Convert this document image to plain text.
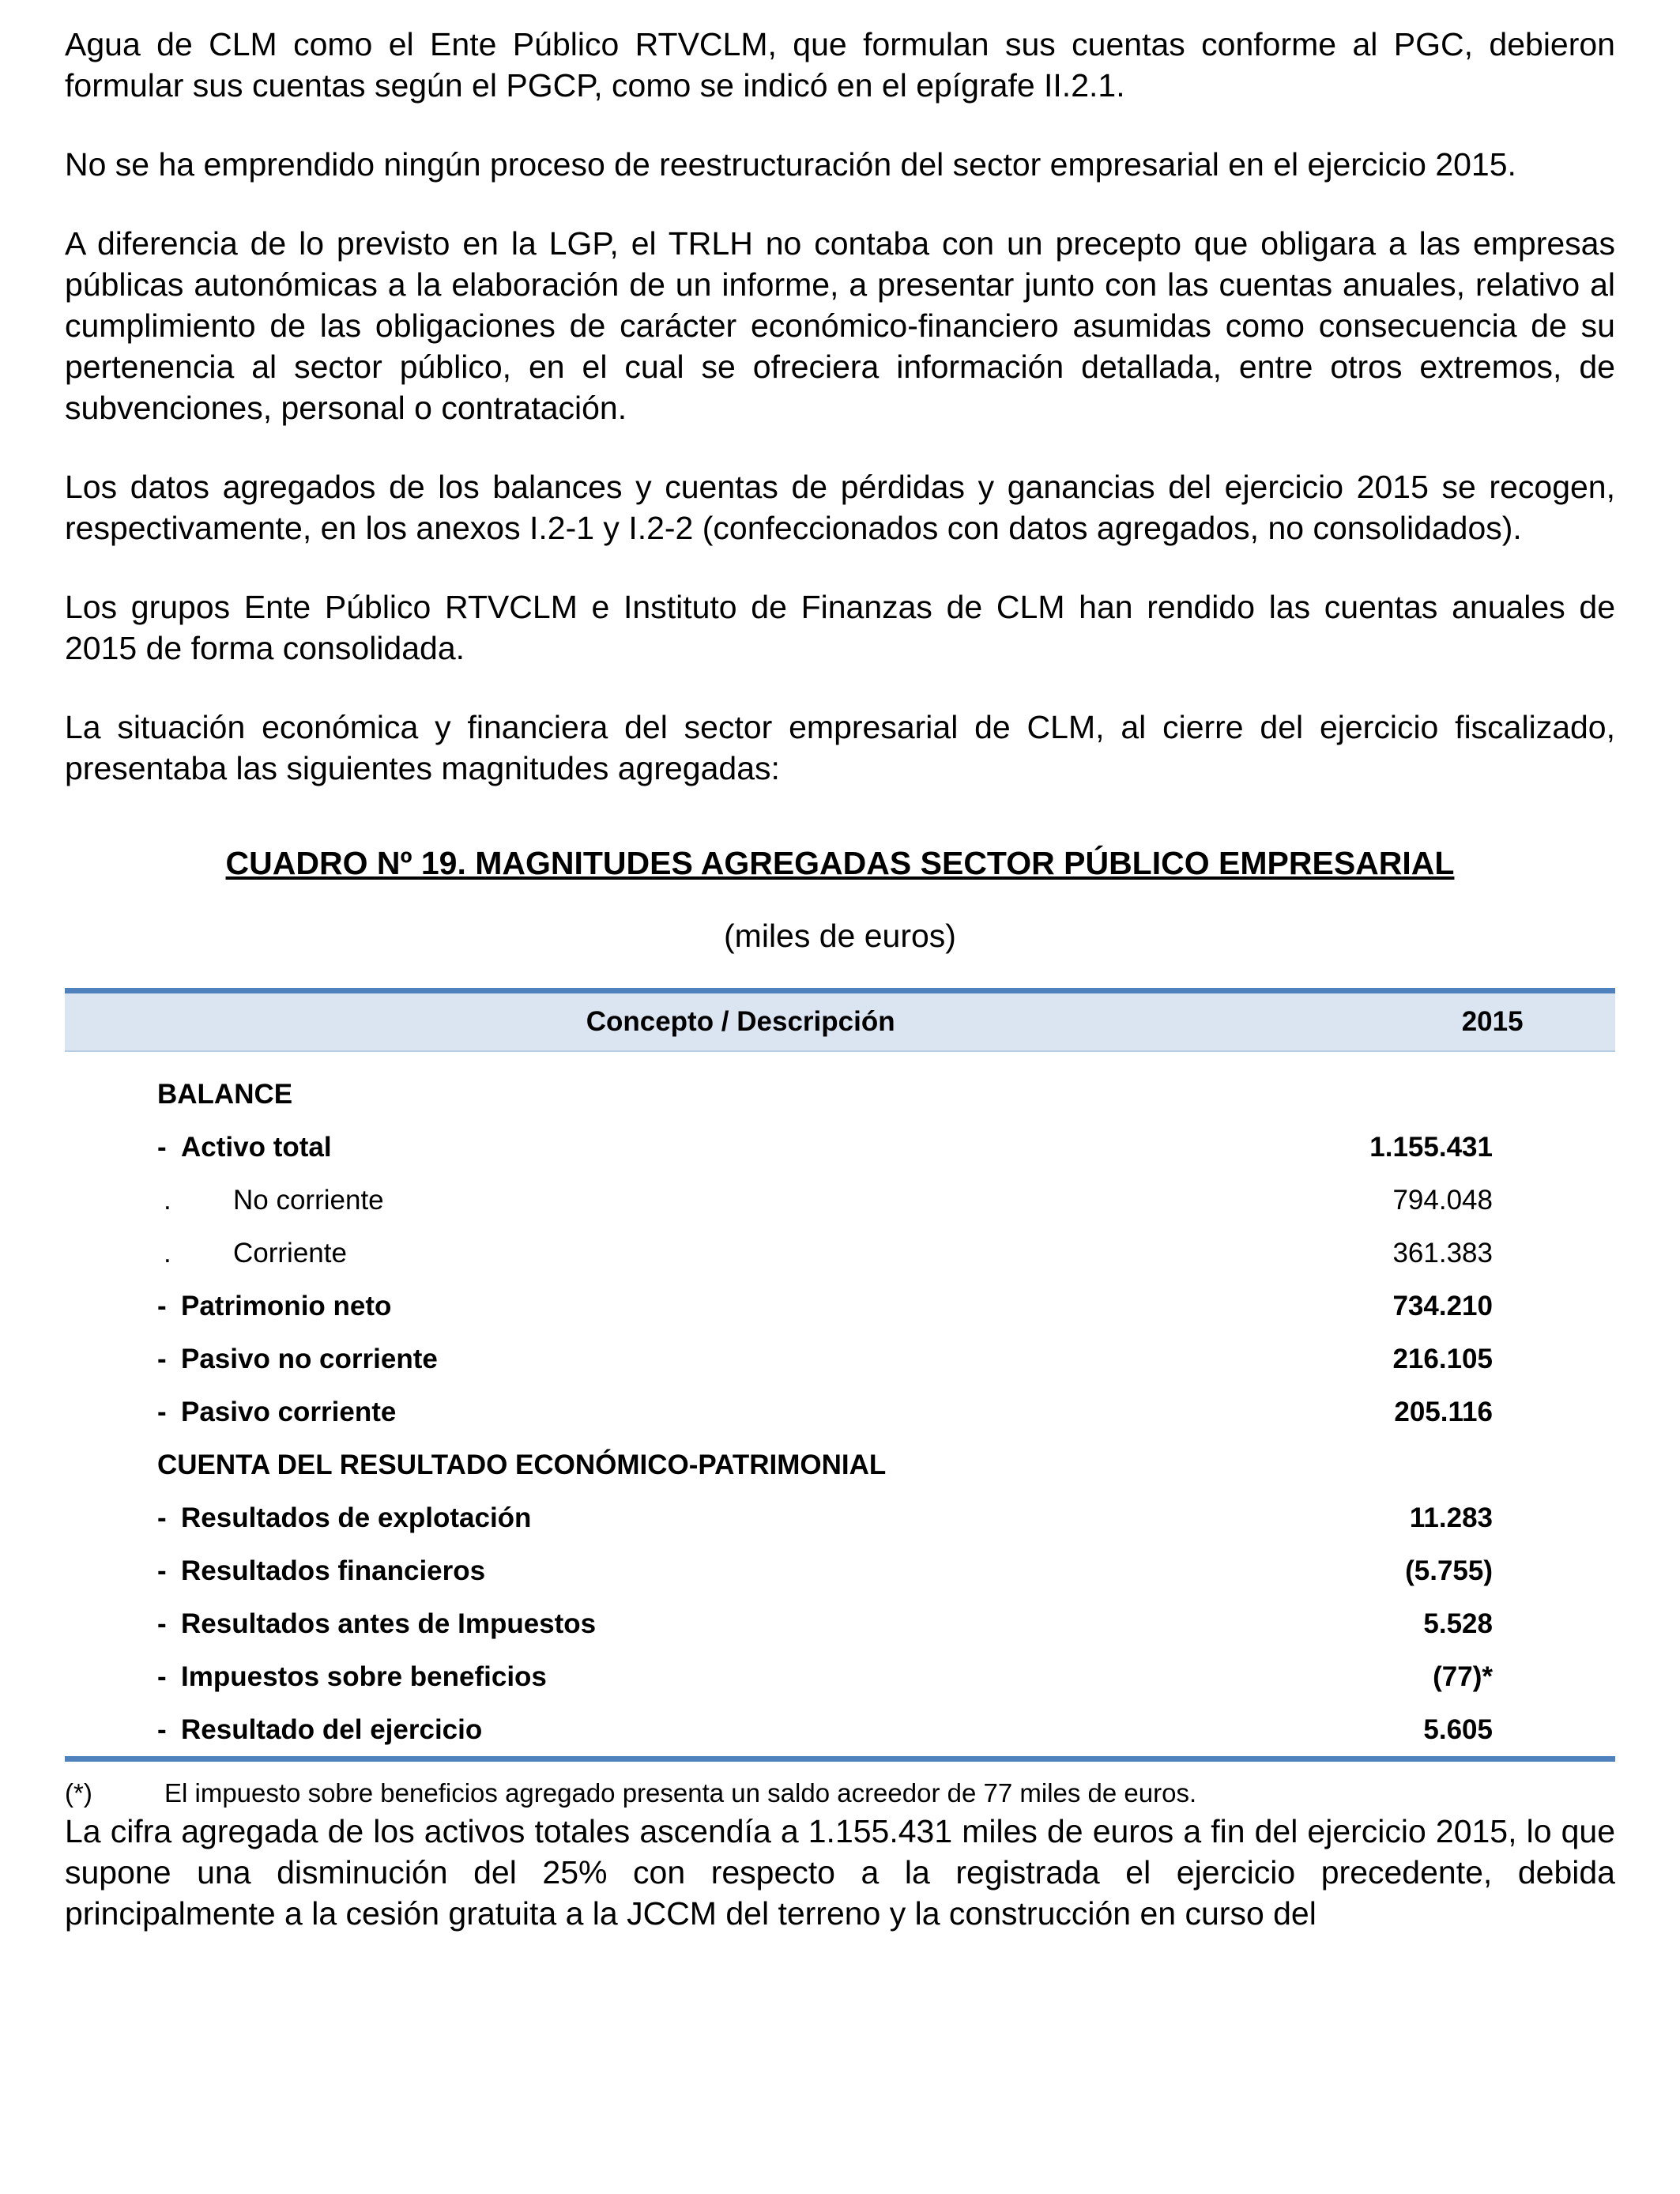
Agua de CLM como el Ente Público RTVCLM, que formulan sus cuentas conforme al PGC, debieron formular sus cuentas según el PGCP, como se indicó en el epígrafe II.2.1.

No se ha emprendido ningún proceso de reestructuración del sector empresarial en el ejercicio 2015.

A diferencia de lo previsto en la LGP, el TRLH no contaba con un precepto que obligara a las empresas públicas autonómicas a la elaboración de un informe, a presentar junto con las cuentas anuales, relativo al cumplimiento de las obligaciones de carácter económico-financiero asumidas como consecuencia de su pertenencia al sector público, en el cual se ofreciera información detallada, entre otros extremos, de subvenciones, personal o contratación.

Los datos agregados de los balances y cuentas de pérdidas y ganancias del ejercicio 2015 se recogen, respectivamente, en los anexos I.2-1 y I.2-2 (confeccionados con datos agregados, no consolidados).

Los grupos Ente Público RTVCLM e Instituto de Finanzas de CLM han rendido las cuentas anuales de 2015 de forma consolidada.

La situación económica y financiera del sector empresarial de CLM, al cierre del ejercicio fiscalizado, presentaba las siguientes magnitudes agregadas:

CUADRO Nº 19. MAGNITUDES AGREGADAS SECTOR PÚBLICO EMPRESARIAL
(miles de euros)
Concepto / Descripción	2015

BALANCE	
- Activo total	1.155.431
. No corriente	794.048
. Corriente	361.383
- Patrimonio neto	734.210
- Pasivo no corriente	216.105
- Pasivo corriente	205.116
CUENTA DEL RESULTADO ECONÓMICO-PATRIMONIAL	
- Resultados de explotación	11.283
- Resultados financieros	(5.755)
- Resultados antes de Impuestos	5.528
- Impuestos sobre beneficios	(77)*
- Resultado del ejercicio	5.605
(*)	El impuesto sobre beneficios agregado presenta un saldo acreedor de 77 miles de euros.

La cifra agregada de los activos totales ascendía a 1.155.431 miles de euros a fin del ejercicio 2015, lo que supone una disminución del 25% con respecto a la registrada el ejercicio precedente, debida principalmente a la cesión gratuita a la JCCM del terreno y la construcción en curso del
